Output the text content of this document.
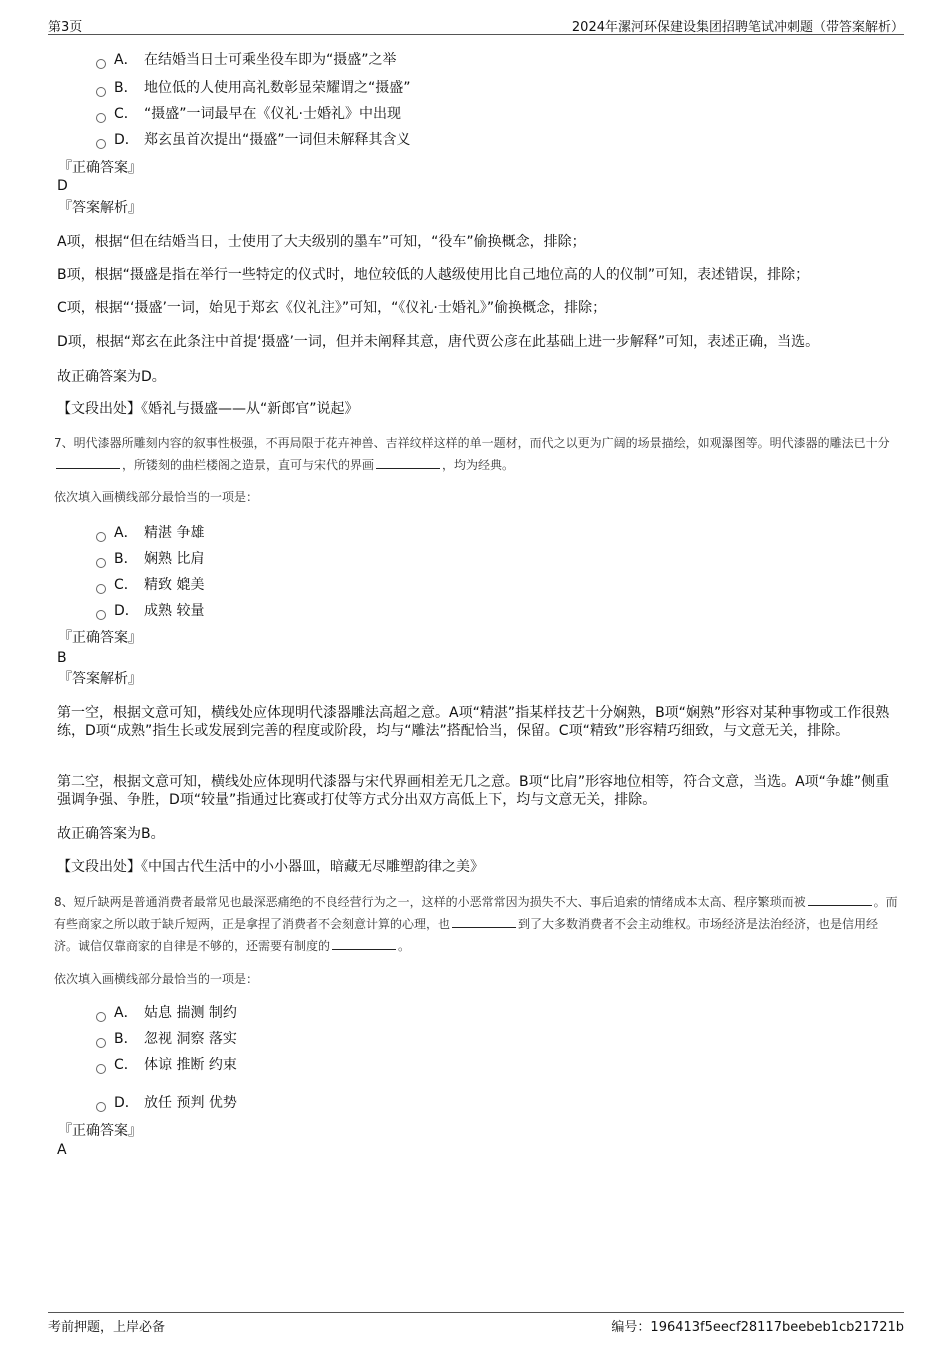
第3页	2024年漯河环保建设集团招聘笔试冲刺题（带答案解析）
A． 在结婚当日士可乘坐役车即为“摄盛”之举
B． 地位低的人使用高礼数彰显荣耀谓之“摄盛”
C． “摄盛”一词最早在《仪礼·士婚礼》中出现
D． 郑玄虽首次提出“摄盛”一词但未解释其含义
『正确答案』
D
『答案解析』
A项，根据“但在结婚当日，士使用了大夫级别的墨车”可知，“役车”偷换概念，排除；
B项，根据“摄盛是指在举行一些特定的仪式时，地位较低的人越级使用比自己地位高的人的仪制”可知，表述错误，排除；
C项，根据“‘摄盛’一词，始见于郑玄《仪礼注》”可知，“《仪礼·士婚礼》”偷换概念，排除；
D项，根据“郑玄在此条注中首提‘摄盛’一词，但并未阐释其意，唐代贾公彦在此基础上进一步解释”可知，表述正确，当选。
故正确答案为D。
【文段出处】《婚礼与摄盛——从“新郎官”说起》
7、明代漆器所雕刻内容的叙事性极强，不再局限于花卉神兽、吉祥纹样这样的单一题材，而代之以更为广阔的场景描绘，如观瀑图等。明代漆器的雕法已十分，所镂刻的曲栏楼阁之造景，直可与宋代的界画	，均为经典。
依次填入画横线部分最恰当的一项是：
A． 精湛 争雄
B． 娴熟 比肩
C． 精致 媲美
D． 成熟 较量
『正确答案』
B
『答案解析』
第一空，根据文意可知，横线处应体现明代漆器雕法高超之意。A项“精湛”指某样技艺十分娴熟，B项“娴熟”形容对某种事物或工作很熟练，D项“成熟”指生长或发展到完善的程度或阶段，均与“雕法”搭配恰当，保留。C项“精致”形容精巧细致，与文意无关，排除。
第二空，根据文意可知，横线处应体现明代漆器与宋代界画相差无几之意。B项“比肩”形容地位相等，符合文意，当选。A项“争雄”侧重强调争强、争胜，D项“较量”指通过比赛或打仗等方式分出双方高低上下，均与文意无关，排除。
故正确答案为B。
【文段出处】《中国古代生活中的小小器皿，暗藏无尽雕塑韵律之美》
8、短斤缺两是普通消费者最常见也最深恶痛绝的不良经营行为之一，这样的小恶常常因为损失不大、事后追索的情绪成本太高、程序繁琐而被	。而有些商家之所以敢于缺斤短两，正是拿捏了消费者不会刻意计算的心理，也	到了大多数消费者不会主动维权。市场经济是法治经济，也是信用经济。诚信仅靠商家的自律是不够的，还需要有制度的	。
依次填入画横线部分最恰当的一项是：
A． 姑息 揣测 制约
B． 忽视 洞察 落实
C． 体谅 推断 约束
D． 放任 预判 优势
『正确答案』
A
考前押题，上岸必备	编号：196413f5eecf28117beebeb1cb21721b
